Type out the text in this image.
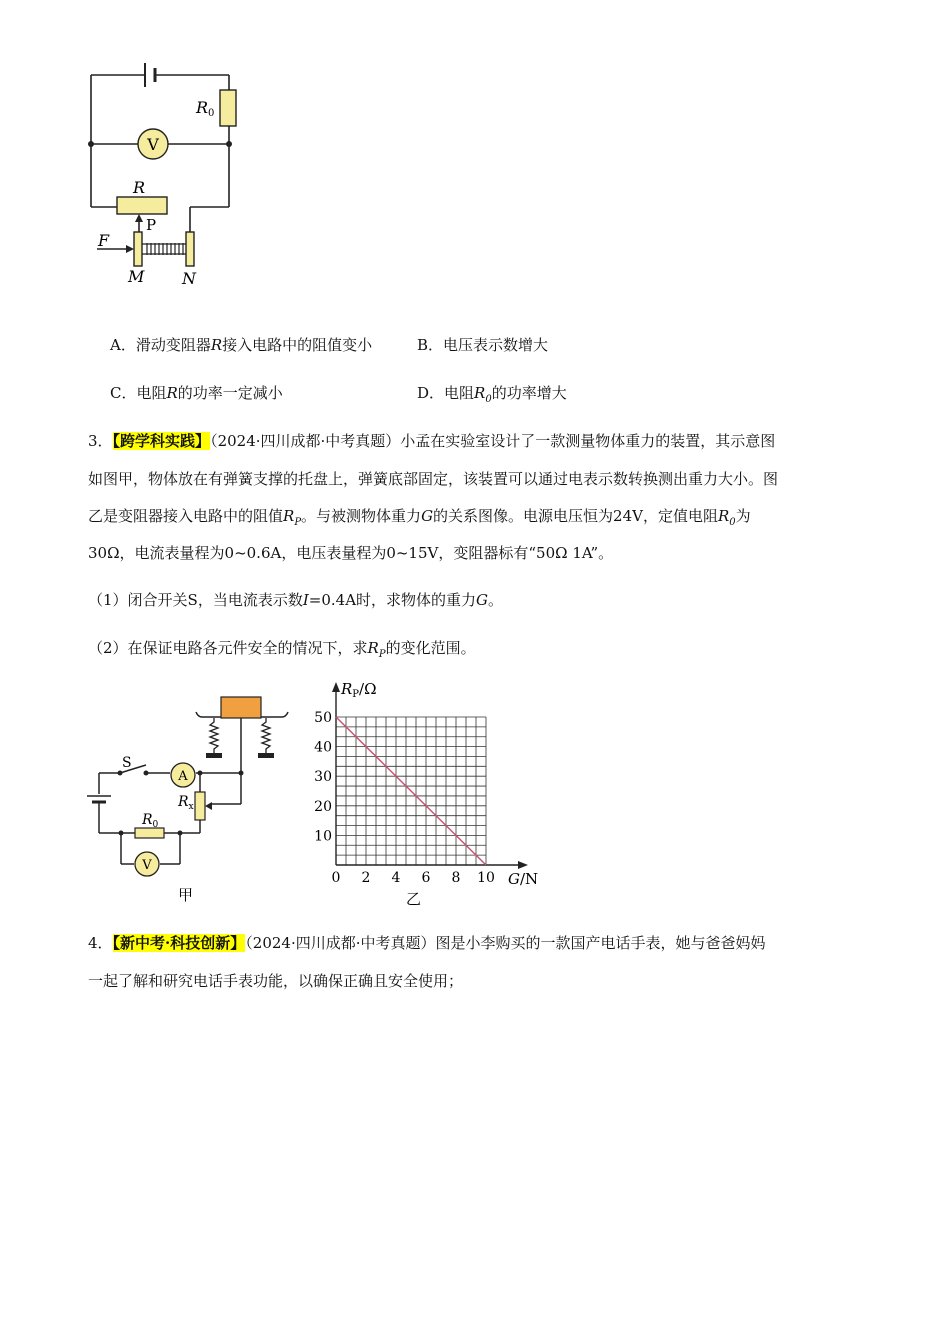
R0
V
R
P
F
M N
A．滑动变阻器R接入电路中的阻值变小	B．电压表示数增大
C．电阻R的功率一定减小	D．电阻$R_0$的功率增大
3．【跨学科实践】（2024·四川成都·中考真题）小孟在实验室设计了一款测量物体重力的装置，其示意图
如图甲，物体放在有弹簧支撑的托盘上，弹簧底部固定，该装置可以通过电表示数转换测出重力大小。图
乙是变阻器接入电路中的阻值$R_P$。与被测物体重力G的关系图像。电源电压恒为24V，定值电阻$R_0$为
30Ω，电流表量程为0~0.6A，电压表量程为0~15V，变阻器标有“50Ω 1A”。
（1）闭合开关S，当电流表示数I=0.4A时，求物体的重力G。
（2）在保证电路各元件安全的情况下，求$R_P$的变化范围。
S
A
$R_x$
$R_0$
V
甲
0 2 4 6 8 10
10
20
30
40
50
$R_P/\Omega$
G/N
乙
4．【新中考·科技创新】（2024·四川成都·中考真题）图是小李购买的一款国产电话手表，她与爸爸妈妈
一起了解和研究电话手表功能，以确保正确且安全使用；
